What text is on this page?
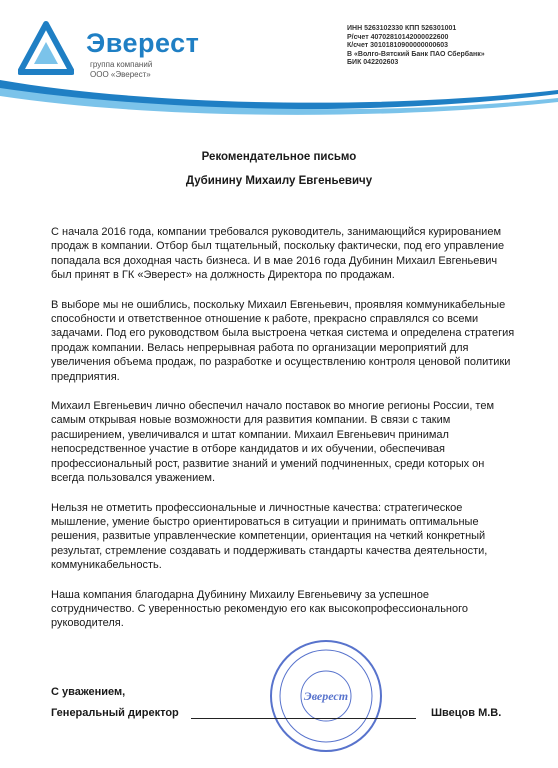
Эверест
группа компаний
ООО «Эверест»
ИНН 5263102330 КПП 526301001
Р/счет 40702810142000022600
К/счет 30101810900000000603
В «Волго-Вятский Банк ПАО Сбербанк»
БИК 042202603
Рекомендательное письмо
Дубинину Михаилу Евгеньевичу

С начала 2016 года, компании требовался руководитель, занимающийся курированием продаж в компании. Отбор был тщательный, поскольку фактически, под его управление попадала вся доходная часть бизнеса. И в мае 2016 года Дубинин Михаил Евгеньевич был принят в ГК «Эверест» на должность Директора по продажам.

В выборе мы не ошиблись, поскольку Михаил Евгеньевич, проявляя коммуникабельные способности и ответственное отношение к работе, прекрасно справлялся со всеми задачами. Под его руководством была выстроена четкая система и определена стратегия продаж компании. Велась непрерывная работа по организации мероприятий для увеличения объема продаж, по разработке и осуществлению контроля ценовой политики предприятия.

Михаил Евгеньевич лично обеспечил начало поставок во многие регионы России, тем самым открывая новые возможности для развития компании. В связи с таким расширением, увеличивался и штат компании. Михаил Евгеньевич принимал непосредственное участие в отборе кандидатов и их обучении, обеспечивая профессиональный рост, развитие знаний и умений подчиненных, среди которых он всегда пользовался уважением.

Нельзя не отметить профессиональные и личностные качества: стратегическое мышление, умение быстро ориентироваться в ситуации и принимать оптимальные решения, развитые управленческие компетенции, ориентация на четкий конкретный результат, стремление создавать и поддерживать стандарты качества деятельности, коммуникабельность.

Наша компания благодарна Дубинину Михаилу Евгеньевичу за успешное сотрудничество. С уверенностью рекомендую его как высокопрофессионального руководителя.

Эверест
С уважением,
Генеральный директор	Швецов М.В.
